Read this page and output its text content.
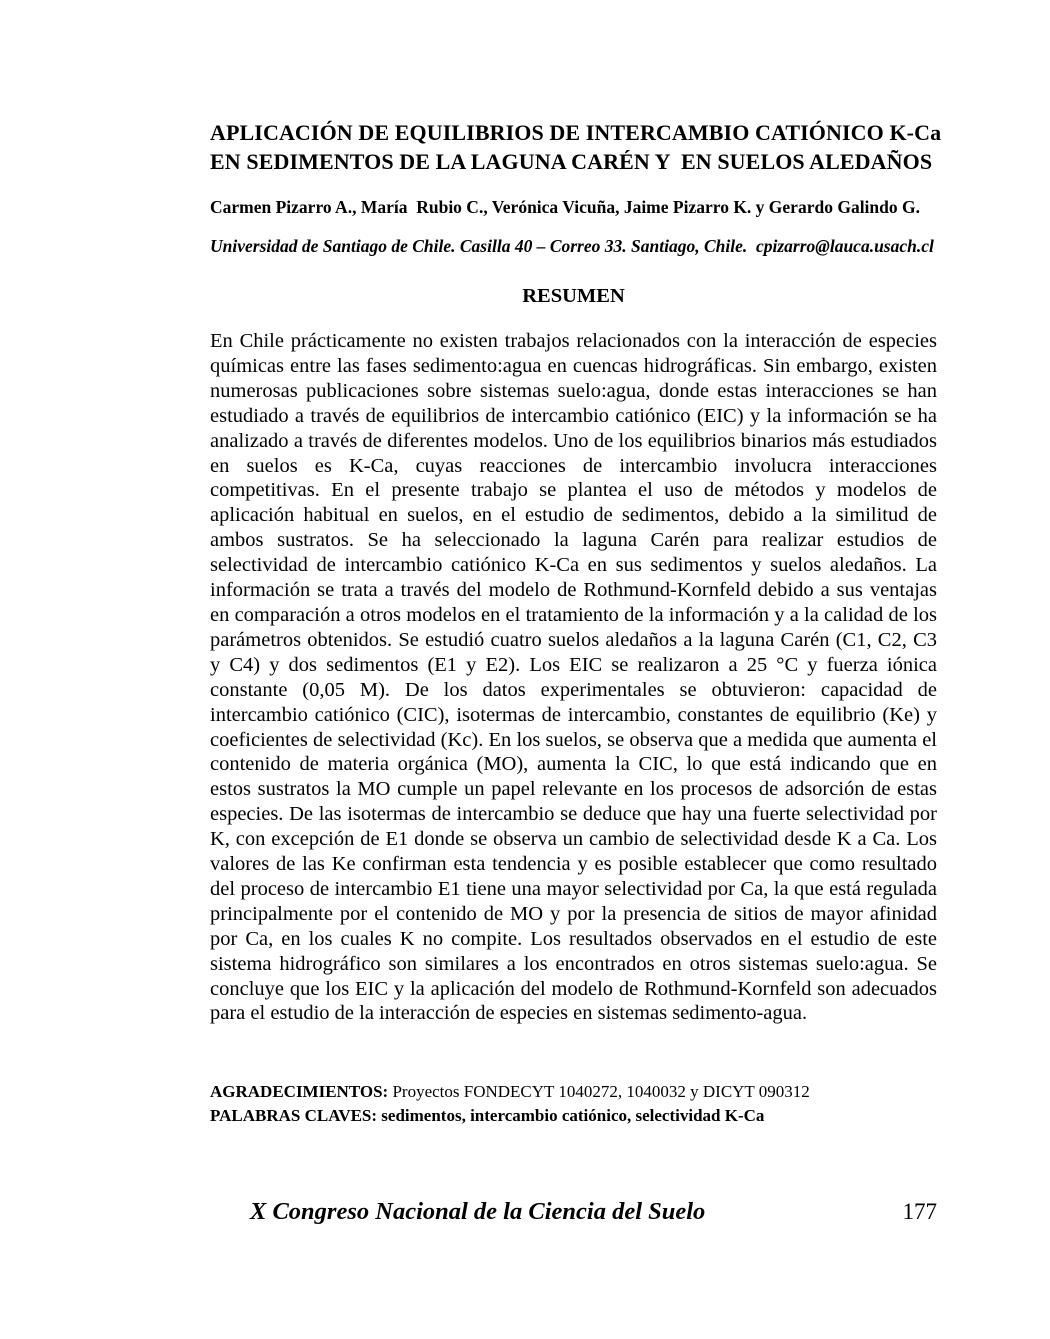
APLICACIÓN DE EQUILIBRIOS DE INTERCAMBIO CATIÓNICO K-Ca
EN SEDIMENTOS DE LA LAGUNA CARÉN Y  EN SUELOS ALEDAÑOS

Carmen Pizarro A., María  Rubio C., Verónica Vicuña, Jaime Pizarro K. y Gerardo Galindo G.

Universidad de Santiago de Chile. Casilla 40 – Correo 33. Santiago, Chile.  cpizarro@lauca.usach.cl

RESUMEN

En Chile prácticamente no existen trabajos relacionados con la interacción de especies químicas entre las fases sedimento:agua en cuencas hidrográficas. Sin embargo, existen numerosas publicaciones sobre sistemas suelo:agua, donde estas interacciones se han estudiado a través de equilibrios de intercambio catiónico (EIC) y la información se ha analizado a través de diferentes modelos. Uno de los equilibrios binarios más estudiados en suelos es K-Ca, cuyas reacciones de intercambio involucra interacciones competitivas. En el presente trabajo se plantea el uso de métodos y modelos de aplicación habitual en suelos, en el estudio de sedimentos, debido a la similitud de ambos sustratos. Se ha seleccionado la laguna Carén para realizar estudios de selectividad de intercambio catiónico K-Ca en sus sedimentos y suelos aledaños. La información se trata a través del modelo de Rothmund-Kornfeld debido a sus ventajas en comparación a otros modelos en el tratamiento de la información y a la calidad de los parámetros obtenidos. Se estudió cuatro suelos aledaños a la laguna Carén (C1, C2, C3 y C4) y dos sedimentos (E1 y E2). Los EIC se realizaron a 25 °C y fuerza iónica constante (0,05 M). De los datos experimentales se obtuvieron: capacidad de intercambio catiónico (CIC), isotermas de intercambio, constantes de equilibrio (Ke) y coeficientes de selectividad (Kc). En los suelos, se observa que a medida que aumenta el contenido de materia orgánica (MO), aumenta la CIC, lo que está indicando que en estos sustratos la MO cumple un papel relevante en los procesos de adsorción de estas especies. De las isotermas de intercambio se deduce que hay una fuerte selectividad por K, con excepción de E1 donde se observa un cambio de selectividad desde K a Ca. Los valores de las Ke confirman esta tendencia y es posible establecer que como resultado del proceso de intercambio E1 tiene una mayor selectividad por Ca, la que está regulada principalmente por el contenido de MO y por la presencia de sitios de mayor afinidad por Ca, en los cuales K no compite. Los resultados observados en el estudio de este sistema hidrográfico son similares a los encontrados en otros sistemas suelo:agua. Se concluye que los EIC y la aplicación del modelo de Rothmund-Kornfeld son adecuados para el estudio de la interacción de especies en sistemas sedimento-agua.

AGRADECIMIENTOS: Proyectos FONDECYT 1040272, 1040032 y DICYT 090312
PALABRAS CLAVES: sedimentos, intercambio catiónico, selectividad K-Ca
X Congreso Nacional de la Ciencia del Suelo	177
